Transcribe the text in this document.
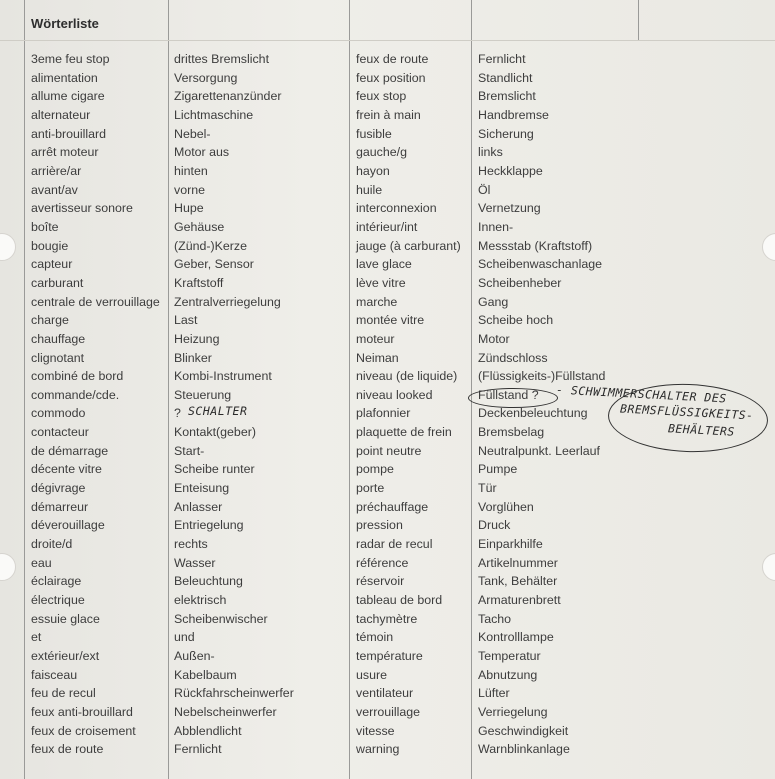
Wörterliste
3eme feu stop
alimentation
allume cigare
alternateur
anti-brouillard
arrêt moteur
arrière/ar
avant/av
avertisseur sonore
boîte
bougie
capteur
carburant
centrale de verrouillage
charge
chauffage
clignotant
combiné de bord
commande/cde.
commodo
contacteur
de démarrage
décente vitre
dégivrage
démarreur
déverouillage
droite/d
eau
éclairage
électrique
essuie glace
et
extérieur/ext
faisceau
feu de recul
feux anti-brouillard
feux de croisement
feux de route
drittes Bremslicht
Versorgung
Zigarettenanzünder
Lichtmaschine
Nebel-
Motor aus
hinten
vorne
Hupe
Gehäuse
(Zünd-)Kerze
Geber, Sensor
Kraftstoff
Zentralverriegelung
Last
Heizung
Blinker
Kombi-Instrument
Steuerung
?
Kontakt(geber)
Start-
Scheibe runter
Enteisung
Anlasser
Entriegelung
rechts
Wasser
Beleuchtung
elektrisch
Scheibenwischer
und
Außen-
Kabelbaum
Rückfahrscheinwerfer
Nebelscheinwerfer
Abblendlicht
Fernlicht
feux de route
feux position
feux stop
frein à main
fusible
gauche/g
hayon
huile
interconnexion
intérieur/int
jauge (à carburant)
lave glace
lève vitre
marche
montée vitre
moteur
Neiman
niveau (de liquide)
niveau looked
plafonnier
plaquette de frein
point neutre
pompe
porte
préchauffage
pression
radar de recul
référence
réservoir
tableau de bord
tachymètre
témoin
température
usure
ventilateur
verrouillage
vitesse
warning
Fernlicht
Standlicht
Bremslicht
Handbremse
Sicherung
links
Heckklappe
Öl
Vernetzung
Innen-
Messstab (Kraftstoff)
Scheibenwaschanlage
Scheibenheber
Gang
Scheibe hoch
Motor
Zündschloss
(Flüssigkeits-)Füllstand
Füllstand ?
Deckenbeleuchtung
Bremsbelag
Neutralpunkt. Leerlauf
Pumpe
Tür
Vorglühen
Druck
Einparkhilfe
Artikelnummer
Tank, Behälter
Armaturenbrett
Tacho
Kontrolllampe
Temperatur
Abnutzung
Lüfter
Verriegelung
Geschwindigkeit
Warnblinkanlage
SCHALTER
- SCHWIMMERSCHALTER DES
BREMSFLÜSSIGKEITS-
BEHÄLTERS
